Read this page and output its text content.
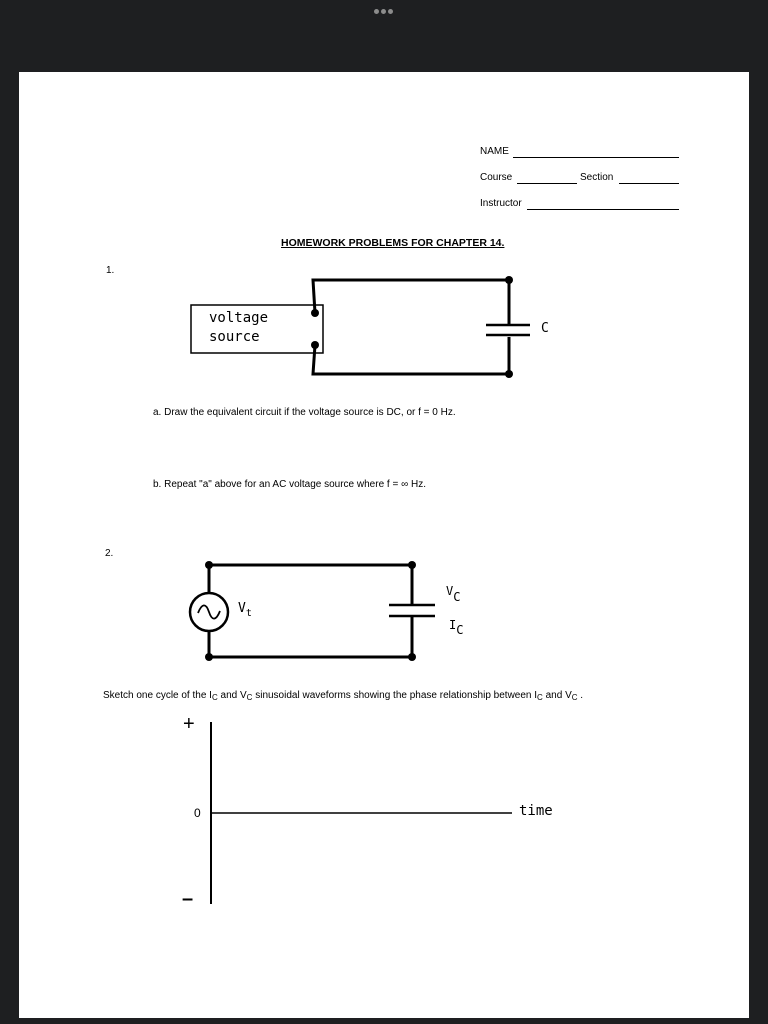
NAME
Course	Section
Instructor
HOMEWORK PROBLEMS FOR CHAPTER 14.
1.
voltage
source
C
a. Draw the equivalent circuit if the voltage source is DC, or f = 0 Hz.
b. Repeat "a" above for an AC voltage source where f = ∞ Hz.
2.
$V_t$
VC
IC
Sketch one cycle of the $I_C$ and $V_C$ sinusoidal waveforms showing the phase relationship between $I_C$ and $V_C$ .
+
0
–
time
